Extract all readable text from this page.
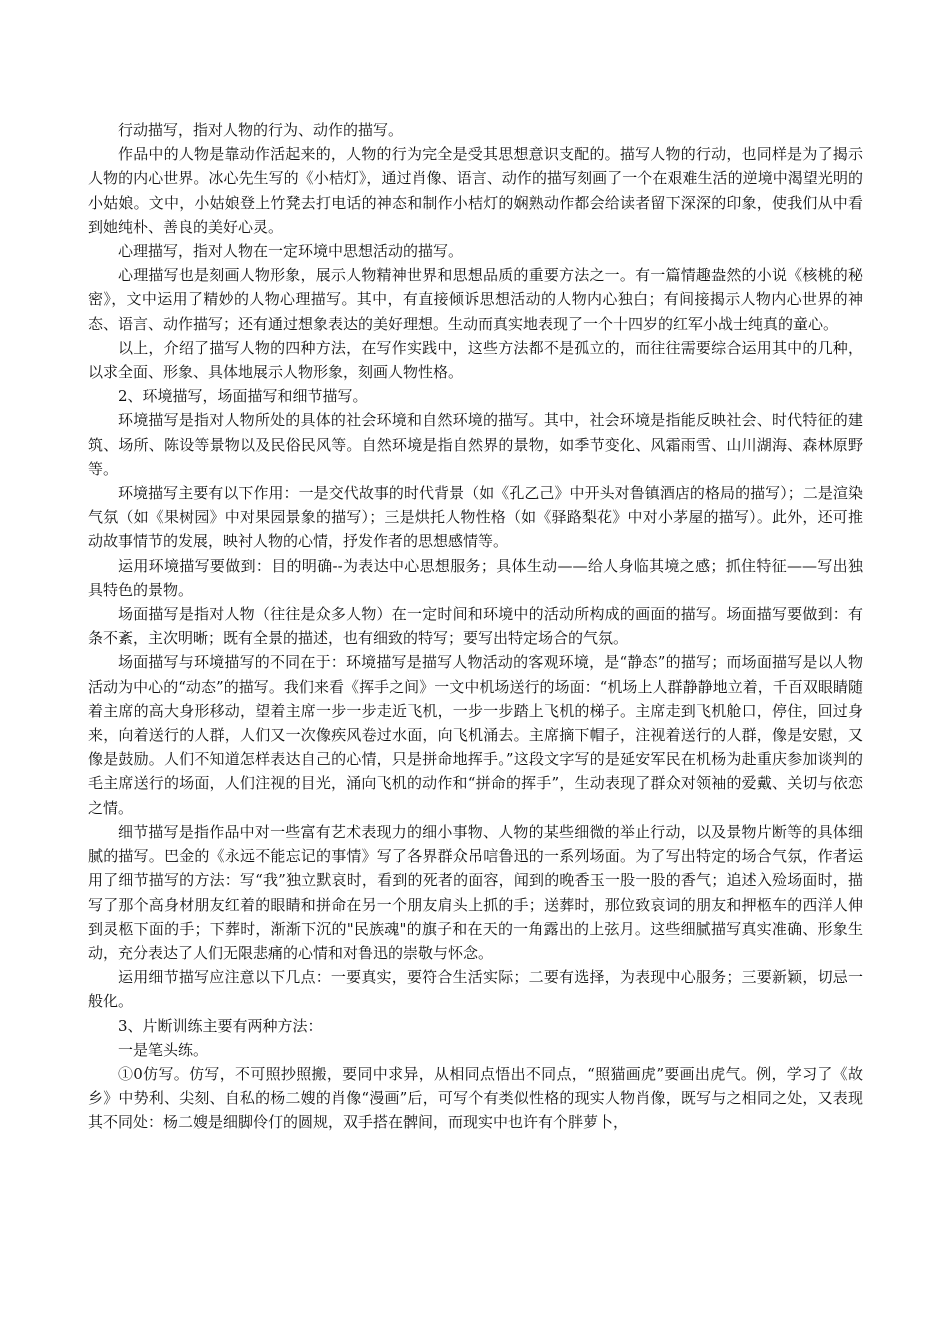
行动描写，指对人物的行为、动作的描写。

作品中的人物是靠动作活起来的，人物的行为完全是受其思想意识支配的。描写人物的行动，也同样是为了揭示人物的内心世界。冰心先生写的《小桔灯》，通过肖像、语言、动作的描写刻画了一个在艰难生活的逆境中渴望光明的小姑娘。文中，小姑娘登上竹凳去打电话的神态和制作小桔灯的娴熟动作都会给读者留下深深的印象，使我们从中看到她纯朴、善良的美好心灵。

心理描写，指对人物在一定环境中思想活动的描写。

心理描写也是刻画人物形象，展示人物精神世界和思想品质的重要方法之一。有一篇情趣盎然的小说《核桃的秘密》，文中运用了精妙的人物心理描写。其中，有直接倾诉思想活动的人物内心独白；有间接揭示人物内心世界的神态、语言、动作描写；还有通过想象表达的美好理想。生动而真实地表现了一个十四岁的红军小战士纯真的童心。

以上，介绍了描写人物的四种方法，在写作实践中，这些方法都不是孤立的，而往往需要综合运用其中的几种，以求全面、形象、具体地展示人物形象，刻画人物性格。

2、环境描写，场面描写和细节描写。

环境描写是指对人物所处的具体的社会环境和自然环境的描写。其中，社会环境是指能反映社会、时代特征的建筑、场所、陈设等景物以及民俗民风等。自然环境是指自然界的景物，如季节变化、风霜雨雪、山川湖海、森林原野等。

环境描写主要有以下作用：一是交代故事的时代背景（如《孔乙己》中开头对鲁镇酒店的格局的描写）；二是渲染气氛（如《果树园》中对果园景象的描写）；三是烘托人物性格（如《驿路梨花》中对小茅屋的描写）。此外，还可推动故事情节的发展，映衬人物的心情，抒发作者的思想感情等。

运用环境描写要做到：目的明确--为表达中心思想服务；具体生动——给人身临其境之感；抓住特征——写出独具特色的景物。

场面描写是指对人物（往往是众多人物）在一定时间和环境中的活动所构成的画面的描写。场面描写要做到：有条不紊，主次明晰；既有全景的描述，也有细致的特写；要写出特定场合的气氛。

场面描写与环境描写的不同在于：环境描写是描写人物活动的客观环境，是“静态”的描写；而场面描写是以人物活动为中心的“动态”的描写。我们来看《挥手之间》一文中机场送行的场面：“机场上人群静静地立着，千百双眼睛随着主席的高大身形移动，望着主席一步一步走近飞机，一步一步踏上飞机的梯子。主席走到飞机舱口，停住，回过身来，向着送行的人群，人们又一次像疾风卷过水面，向飞机涌去。主席摘下帽子，注视着送行的人群，像是安慰，又像是鼓励。人们不知道怎样表达自己的心情，只是拼命地挥手。”这段文字写的是延安军民在机杨为赴重庆参加谈判的毛主席送行的场面，人们注视的目光，涌向飞机的动作和“拼命的挥手”，生动表现了群众对领袖的爱戴、关切与依恋之情。

细节描写是指作品中对一些富有艺术表现力的细小事物、人物的某些细微的举止行动，以及景物片断等的具体细腻的描写。巴金的《永远不能忘记的事情》写了各界群众吊唁鲁迅的一系列场面。为了写出特定的场合气氛，作者运用了细节描写的方法：写“我”独立默哀时，看到的死者的面容，闻到的晚香玉一股一股的香气；追述入殓场面时，描写了那个高身材朋友红着的眼睛和拼命在另一个朋友肩头上抓的手；送葬时，那位致哀词的朋友和押柩车的西洋人伸到灵柩下面的手；下葬时，渐渐下沉的"民族魂"的旗子和在天的一角露出的上弦月。这些细腻描写真实准确、形象生动，充分表达了人们无限悲痛的心情和对鲁迅的崇敬与怀念。

运用细节描写应注意以下几点：一要真实，要符合生活实际；二要有选择，为表现中心服务；三要新颖，切忌一般化。

3、片断训练主要有两种方法：

一是笔头练。

①0仿写。仿写，不可照抄照搬，要同中求异，从相同点悟出不同点，“照猫画虎”要画出虎气。例，学习了《故乡》中势利、尖刻、自私的杨二嫂的肖像“漫画”后，可写个有类似性格的现实人物肖像，既写与之相同之处，又表现其不同处：杨二嫂是细脚伶仃的圆规，双手搭在髀间，而现实中也许有个胖萝卜，
